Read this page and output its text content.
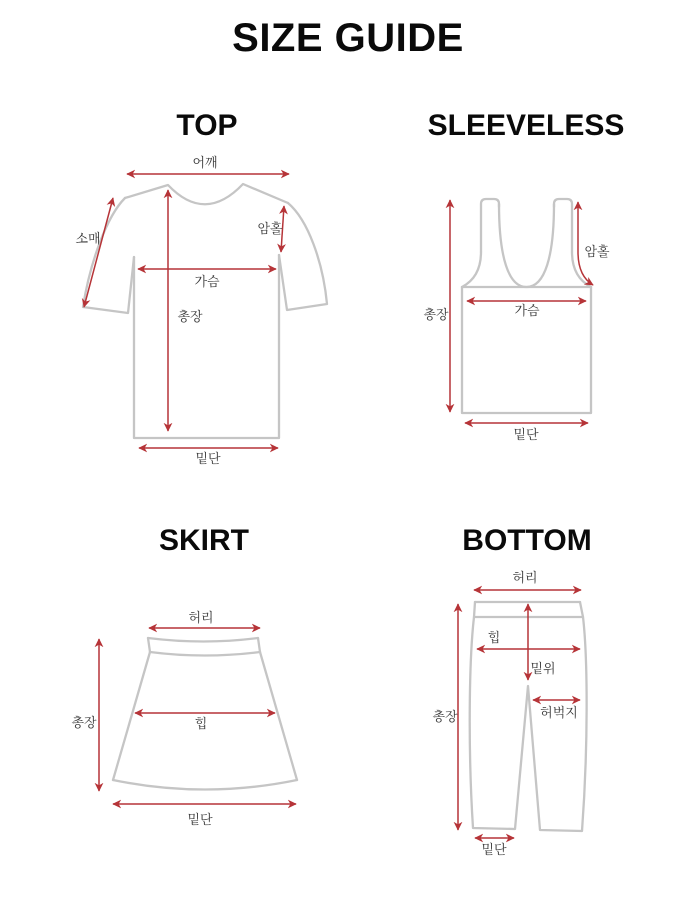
SIZE GUIDE
TOP
어깨
소매
암홀
가슴
총장
밑단
SLEEVELESS
총장
암홀
가슴
밑단
SKIRT
허리
총장	힙
밑단
BOTTOM
허리
힙
밑위
허벅지
총장
밑단
